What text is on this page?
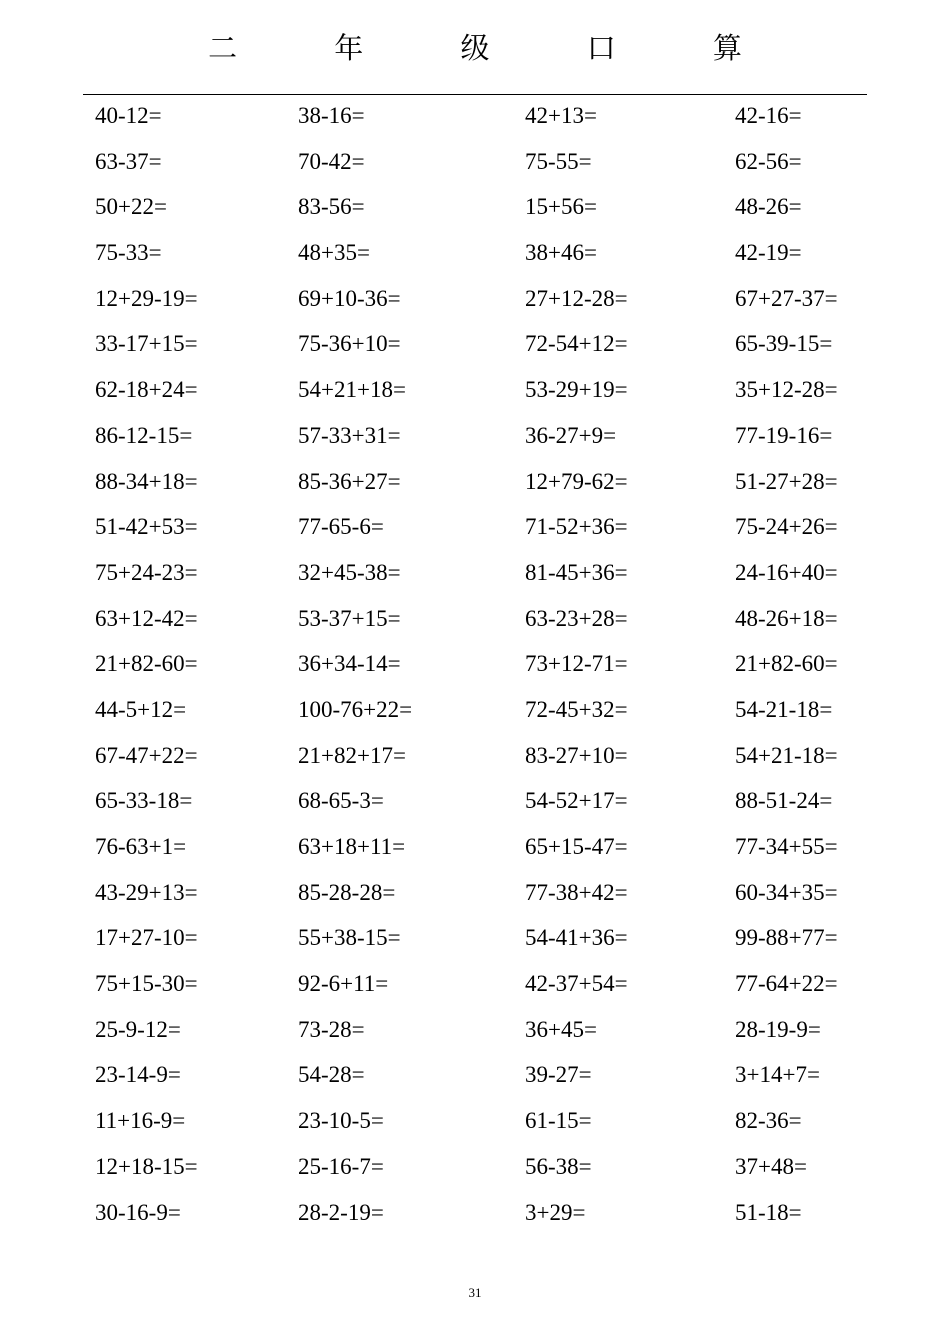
二 年 级 口 算
40-12=	38-16=	42+13=	42-16=
63-37=	70-42=	75-55=	62-56=
50+22=	83-56=	15+56=	48-26=
75-33=	48+35=	38+46=	42-19=
12+29-19=	69+10-36=	27+12-28=	67+27-37=
33-17+15=	75-36+10=	72-54+12=	65-39-15=
62-18+24=	54+21+18=	53-29+19=	35+12-28=
86-12-15=	57-33+31=	36-27+9=	77-19-16=
88-34+18=	85-36+27=	12+79-62=	51-27+28=
51-42+53=	77-65-6=	71-52+36=	75-24+26=
75+24-23=	32+45-38=	81-45+36=	24-16+40=
63+12-42=	53-37+15=	63-23+28=	48-26+18=
21+82-60=	36+34-14=	73+12-71=	21+82-60=
44-5+12=	100-76+22=	72-45+32=	54-21-18=
67-47+22=	21+82+17=	83-27+10=	54+21-18=
65-33-18=	68-65-3=	54-52+17=	88-51-24=
76-63+1=	63+18+11=	65+15-47=	77-34+55=
43-29+13=	85-28-28=	77-38+42=	60-34+35=
17+27-10=	55+38-15=	54-41+36=	99-88+77=
75+15-30=	92-6+11=	42-37+54=	77-64+22=
25-9-12=	73-28=	36+45=	28-19-9=
23-14-9=	54-28=	39-27=	3+14+7=
11+16-9=	23-10-5=	61-15=	82-36=
12+18-15=	25-16-7=	56-38=	37+48=
30-16-9=	28-2-19=	3+29=	51-18=
31
